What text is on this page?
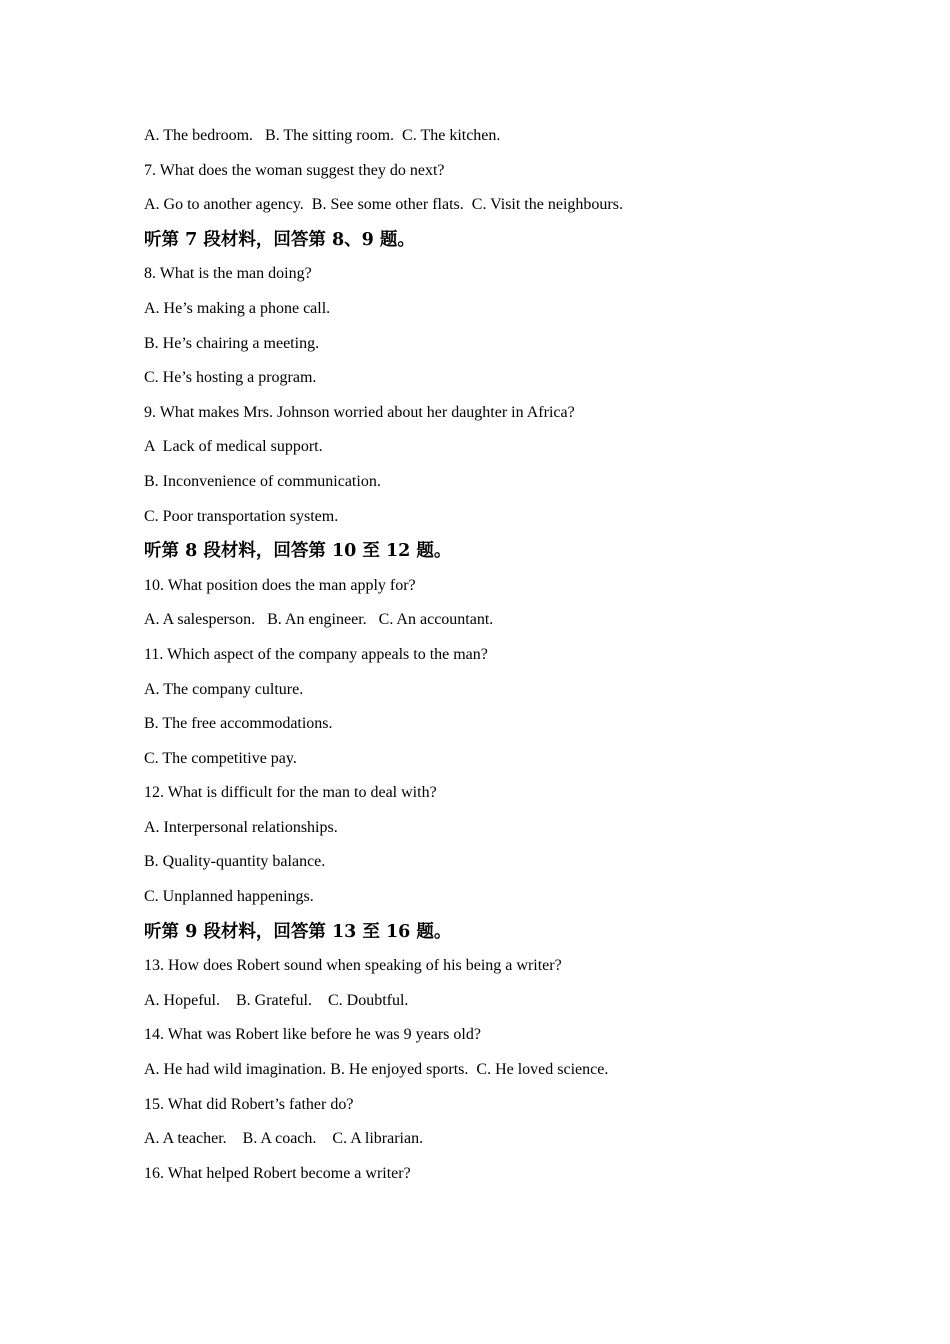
A. The bedroom.   B. The sitting room.  C. The kitchen.
7. What does the woman suggest they do next?
A. Go to another agency.  B. See some other flats.  C. Visit the neighbours.
听第 7 段材料，回答第 8、9 题。
8. What is the man doing?
A. He’s making a phone call.
B. He’s chairing a meeting.
C. He’s hosting a program.
9. What makes Mrs. Johnson worried about her daughter in Africa?
A  Lack of medical support.
B. Inconvenience of communication.
C. Poor transportation system.
听第 8 段材料，回答第 10 至 12 题。
10. What position does the man apply for?
A. A salesperson.   B. An engineer.   C. An accountant.
11. Which aspect of the company appeals to the man?
A. The company culture.
B. The free accommodations.
C. The competitive pay.
12. What is difficult for the man to deal with?
A. Interpersonal relationships.
B. Quality-quantity balance.
C. Unplanned happenings.
听第 9 段材料，回答第 13 至 16 题。
13. How does Robert sound when speaking of his being a writer?
A. Hopeful.    B. Grateful.    C. Doubtful.
14. What was Robert like before he was 9 years old?
A. He had wild imagination. B. He enjoyed sports.  C. He loved science.
15. What did Robert’s father do?
A. A teacher.    B. A coach.    C. A librarian.
16. What helped Robert become a writer?
